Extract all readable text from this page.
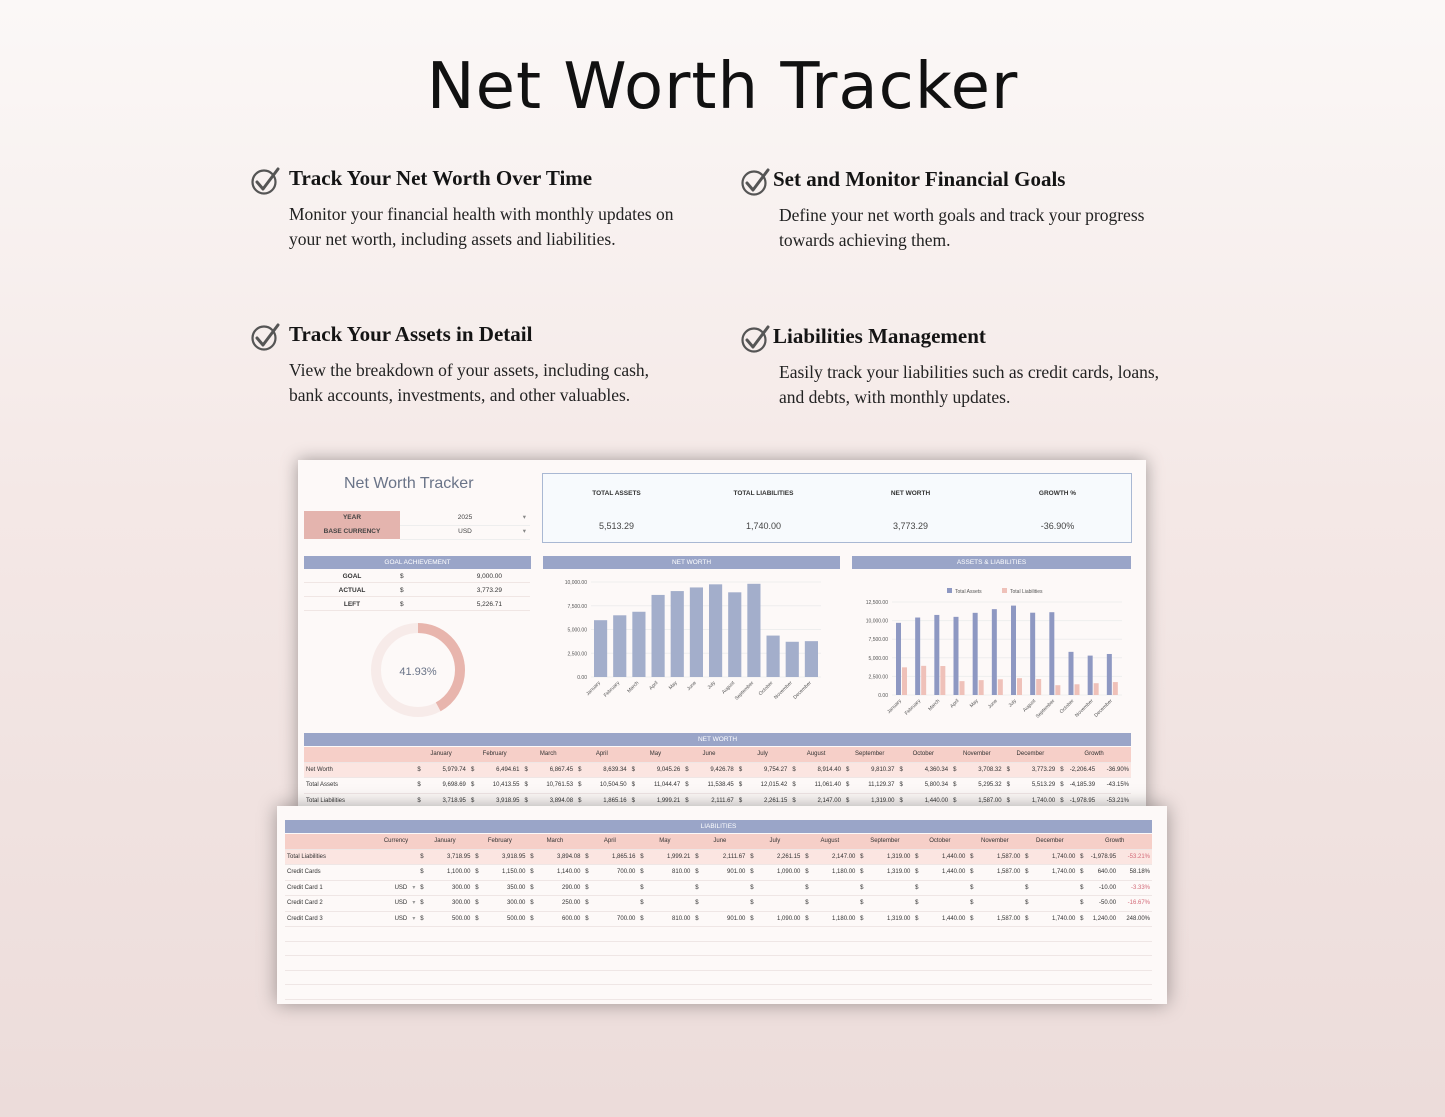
Net Worth Tracker
Track Your Net Worth Over Time

Monitor your financial health with monthly updates on your net worth, including assets and liabilities.

Set and Monitor Financial Goals

Define your net worth goals and track your progress towards achieving them.

Track Your Assets in Detail

View the breakdown of your assets, including cash, bank accounts, investments, and other valuables.

Liabilities Management

Easily track your liabilities such as credit cards, loans, and debts, with monthly updates.

Net Worth Tracker
YEAR	2025	▾
BASE CURRENCY	USD	▾
TOTAL ASSETS
5,513.29
TOTAL LIABILITIES
1,740.00
NET WORTH
3,773.29
GROWTH %
-36.90%
GOAL ACHIEVEMENT
GOAL	$	9,000.00
ACTUAL	$	3,773.29
LEFT	$	5,226.71
41.93%
NET WORTH
0.00
2,500.00
5,000.00
7,500.00
10,000.00
January February March April May June July August
September October
November
December
ASSETS & LIABILITIES
Total Assets	Total Liabilities
0.00
2,500.00
5,000.00
7,500.00
10,000.00
12,500.00
January February March April May June July August
September October
November
December
NET WORTH
	January		February		March		April		May		June		July		August		September		October		November		December		Growth		
Net Worth	$	5,979.74	$	6,494.61	$	6,867.45	$	8,639.34	$	9,045.26	$	9,426.78	$	9,754.27	$	8,914.40	$	9,810.37	$	4,360.34	$	3,708.32	$	3,773.29	$	-2,206.45	-36.90%
Total Assets	$	9,698.69	$	10,413.55	$	10,761.53	$	10,504.50	$	11,044.47	$	11,538.45	$	12,015.42	$	11,061.40	$	11,129.37	$	5,800.34	$	5,295.32	$	5,513.29	$	-4,185.39	-43.15%
Total Liabilities	$	3,718.95	$	3,918.95	$	3,894.08	$	1,865.16	$	1,999.21	$	2,111.67	$	2,261.15	$	2,147.00	$	1,319.00	$	1,440.00	$	1,587.00	$	1,740.00	$	-1,978.95	-53.21%
LIABILITIES
	Currency		January		February		March		April		May		June		July		August		September		October		November		December		Growth		
Total Liabilities			$	3,718.95	$	3,918.95	$	3,894.08	$	1,865.16	$	1,999.21	$	2,111.67	$	2,261.15	$	2,147.00	$	1,319.00	$	1,440.00	$	1,587.00	$	1,740.00	$	-1,978.95	-53.21%
Credit Cards			$	1,100.00	$	1,150.00	$	1,140.00	$	700.00	$	810.00	$	901.00	$	1,090.00	$	1,180.00	$	1,319.00	$	1,440.00	$	1,587.00	$	1,740.00	$	640.00	58.18%
Credit Card 1	USD	▾	$	300.00	$	350.00	$	290.00	$		$		$		$		$		$		$		$		$		$	-10.00	-3.33%
Credit Card 2	USD	▾	$	300.00	$	300.00	$	250.00	$		$		$		$		$		$		$		$		$		$	-50.00	-16.67%
Credit Card 3	USD	▾	$	500.00	$	500.00	$	600.00	$	700.00	$	810.00	$	901.00	$	1,090.00	$	1,180.00	$	1,319.00	$	1,440.00	$	1,587.00	$	1,740.00	$	1,240.00	248.00%
